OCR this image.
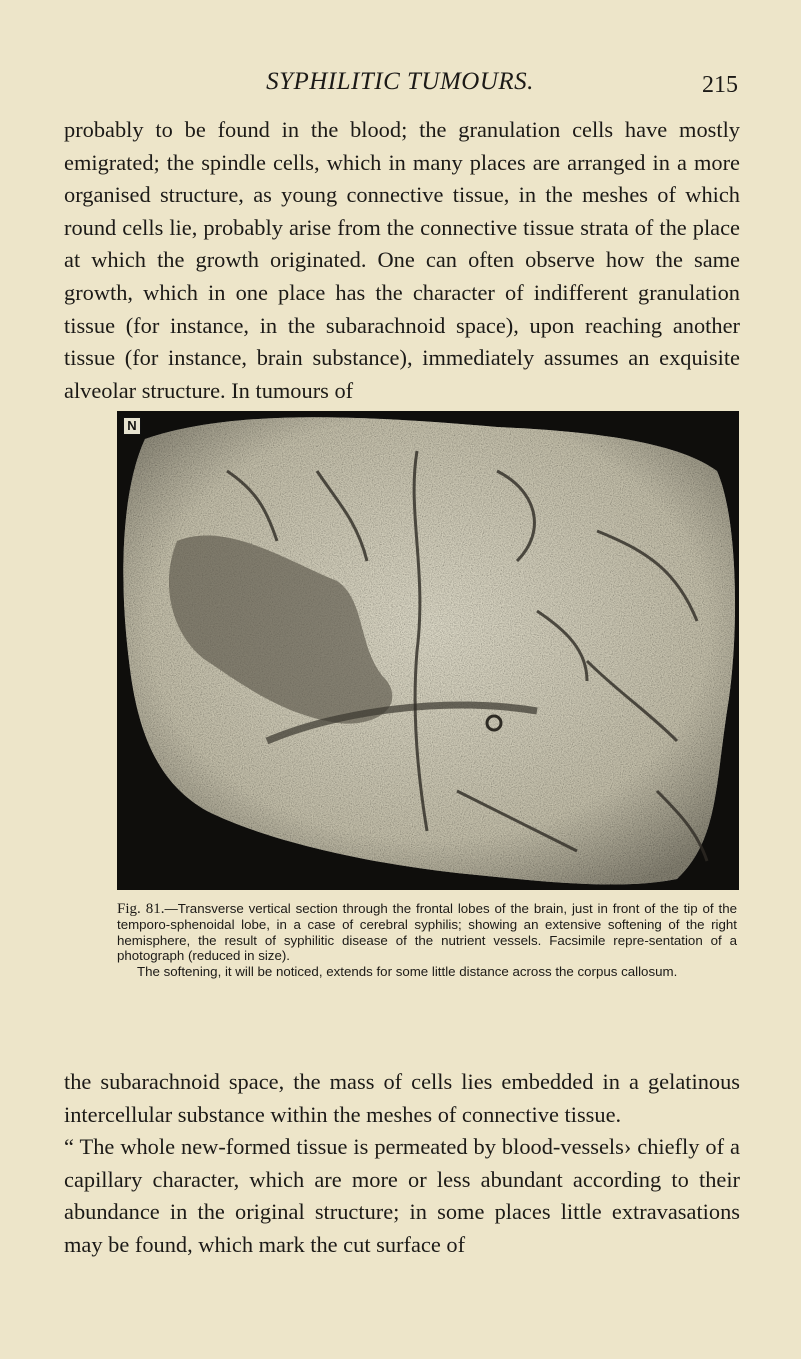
SYPHILITIC TUMOURS.	215

probably to be found in the blood; the granulation cells have mostly emigrated; the spindle cells, which in many places are arranged in a more organised structure, as young connective tissue, in the meshes of which round cells lie, probably arise from the connective tissue strata of the place at which the growth originated. One can often observe how the same growth, which in one place has the character of indifferent granulation tissue (for instance, in the subarachnoid space), upon reaching another tissue (for instance, brain substance), immediately assumes an exquisite alveolar structure. In tumours of

N

Fig. 81.—Transverse vertical section through the frontal lobes of the brain, just in front of the tip of the temporo-sphenoidal lobe, in a case of cerebral syphilis; showing an extensive softening of the right hemisphere, the result of syphilitic disease of the nutrient vessels. Facsimile repre-sentation of a photograph (reduced in size).
The softening, it will be noticed, extends for some little distance across the corpus callosum.

the subarachnoid space, the mass of cells lies embedded in a gelatinous intercellular substance within the meshes of connective tissue.
“ The whole new-formed tissue is permeated by blood-vessels› chiefly of a capillary character, which are more or less abundant according to their abundance in the original structure; in some places little extravasations may be found, which mark the cut surface of
